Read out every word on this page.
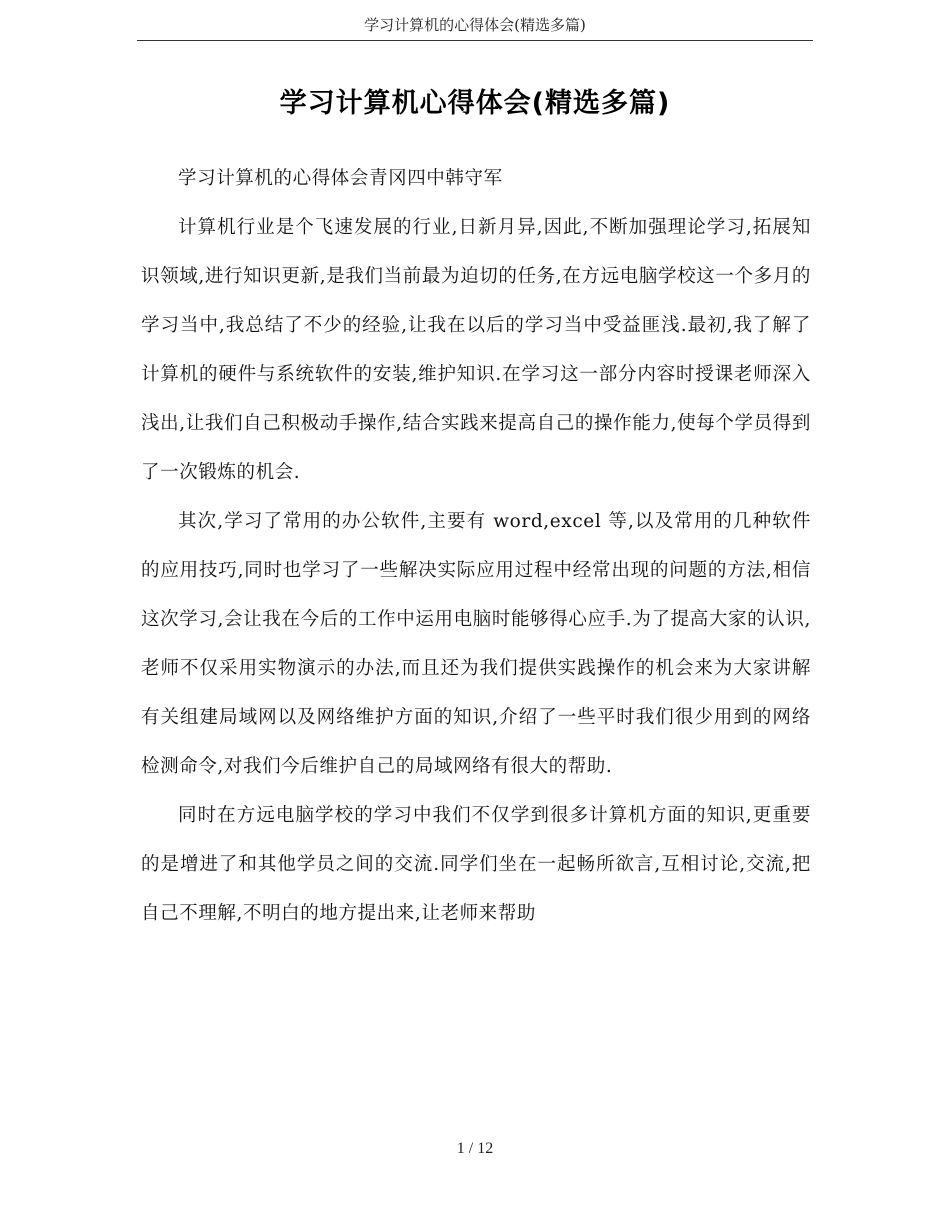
学习计算机的心得体会(精选多篇)
学习计算机心得体会(精选多篇)

学习计算机的心得体会青冈四中韩守军

计算机行业是个飞速发展的行业,日新月异,因此,不断加强理论学习,拓展知识领域,进行知识更新,是我们当前最为迫切的任务,在方远电脑学校这一个多月的学习当中,我总结了不少的经验,让我在以后的学习当中受益匪浅.最初,我了解了计算机的硬件与系统软件的安装,维护知识.在学习这一部分内容时授课老师深入浅出,让我们自己积极动手操作,结合实践来提高自己的操作能力,使每个学员得到了一次锻炼的机会.

其次,学习了常用的办公软件,主要有 word,excel 等,以及常用的几种软件的应用技巧,同时也学习了一些解决实际应用过程中经常出现的问题的方法,相信这次学习,会让我在今后的工作中运用电脑时能够得心应手.为了提高大家的认识,老师不仅采用实物演示的办法,而且还为我们提供实践操作的机会来为大家讲解有关组建局域网以及网络维护方面的知识,介绍了一些平时我们很少用到的网络检测命令,对我们今后维护自己的局域网络有很大的帮助.

同时在方远电脑学校的学习中我们不仅学到很多计算机方面的知识,更重要的是增进了和其他学员之间的交流.同学们坐在一起畅所欲言,互相讨论,交流,把自己不理解,不明白的地方提出来,让老师来帮助

1 / 12
